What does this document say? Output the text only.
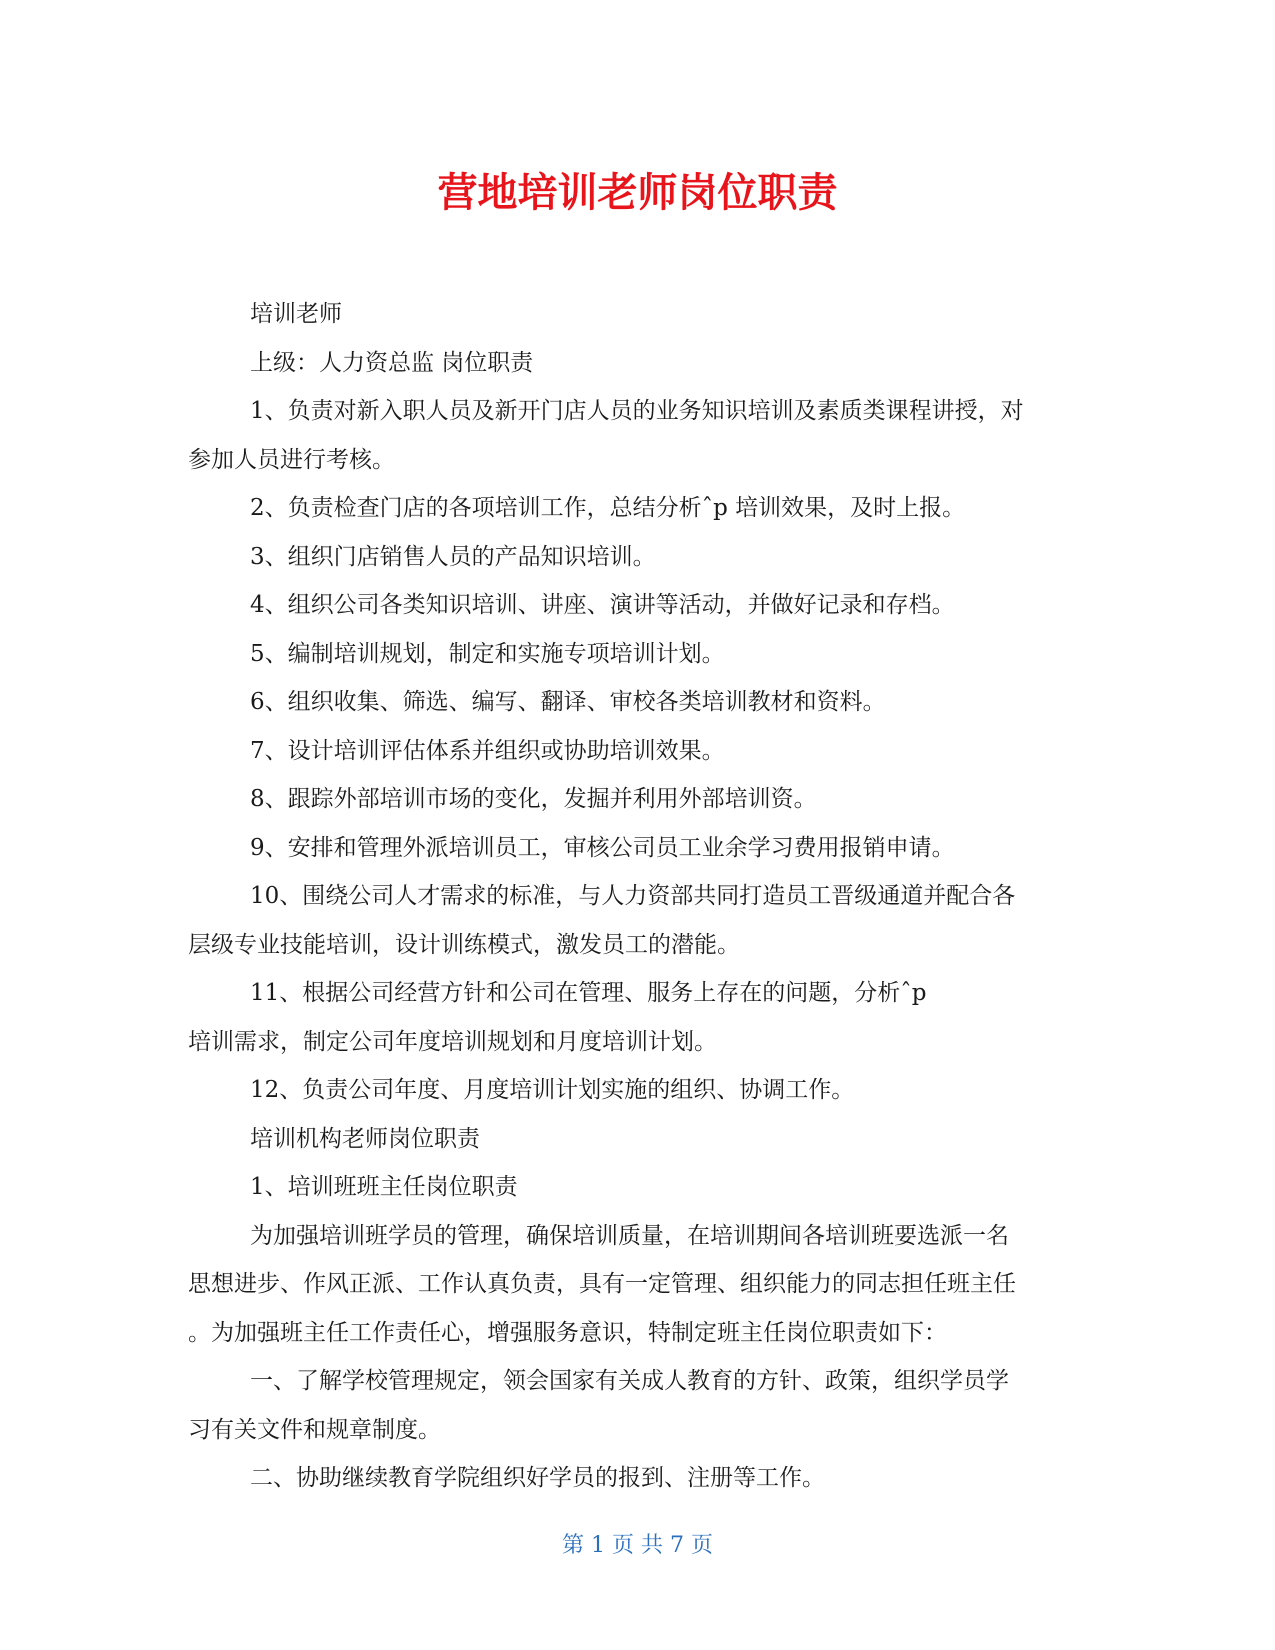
营地培训老师岗位职责

培训老师

上级：人力资总监 岗位职责

1、负责对新入职人员及新开门店人员的业务知识培训及素质类课程讲授，对

参加人员进行考核。

2、负责检查门店的各项培训工作，总结分析ˆp 培训效果，及时上报。

3、组织门店销售人员的产品知识培训。

4、组织公司各类知识培训、讲座、演讲等活动，并做好记录和存档。

5、编制培训规划，制定和实施专项培训计划。

6、组织收集、筛选、编写、翻译、审校各类培训教材和资料。

7、设计培训评估体系并组织或协助培训效果。

8、跟踪外部培训市场的变化，发掘并利用外部培训资。

9、安排和管理外派培训员工，审核公司员工业余学习费用报销申请。

10、围绕公司人才需求的标准，与人力资部共同打造员工晋级通道并配合各

层级专业技能培训，设计训练模式，激发员工的潜能。

11、根据公司经营方针和公司在管理、服务上存在的问题，分析ˆp

培训需求，制定公司年度培训规划和月度培训计划。

12、负责公司年度、月度培训计划实施的组织、协调工作。

培训机构老师岗位职责

1、培训班班主任岗位职责

为加强培训班学员的管理，确保培训质量，在培训期间各培训班要选派一名

思想进步、作风正派、工作认真负责，具有一定管理、组织能力的同志担任班主任

。为加强班主任工作责任心，增强服务意识，特制定班主任岗位职责如下：

一、了解学校管理规定，领会国家有关成人教育的方针、政策，组织学员学

习有关文件和规章制度。

二、协助继续教育学院组织好学员的报到、注册等工作。

第 1 页 共 7 页
